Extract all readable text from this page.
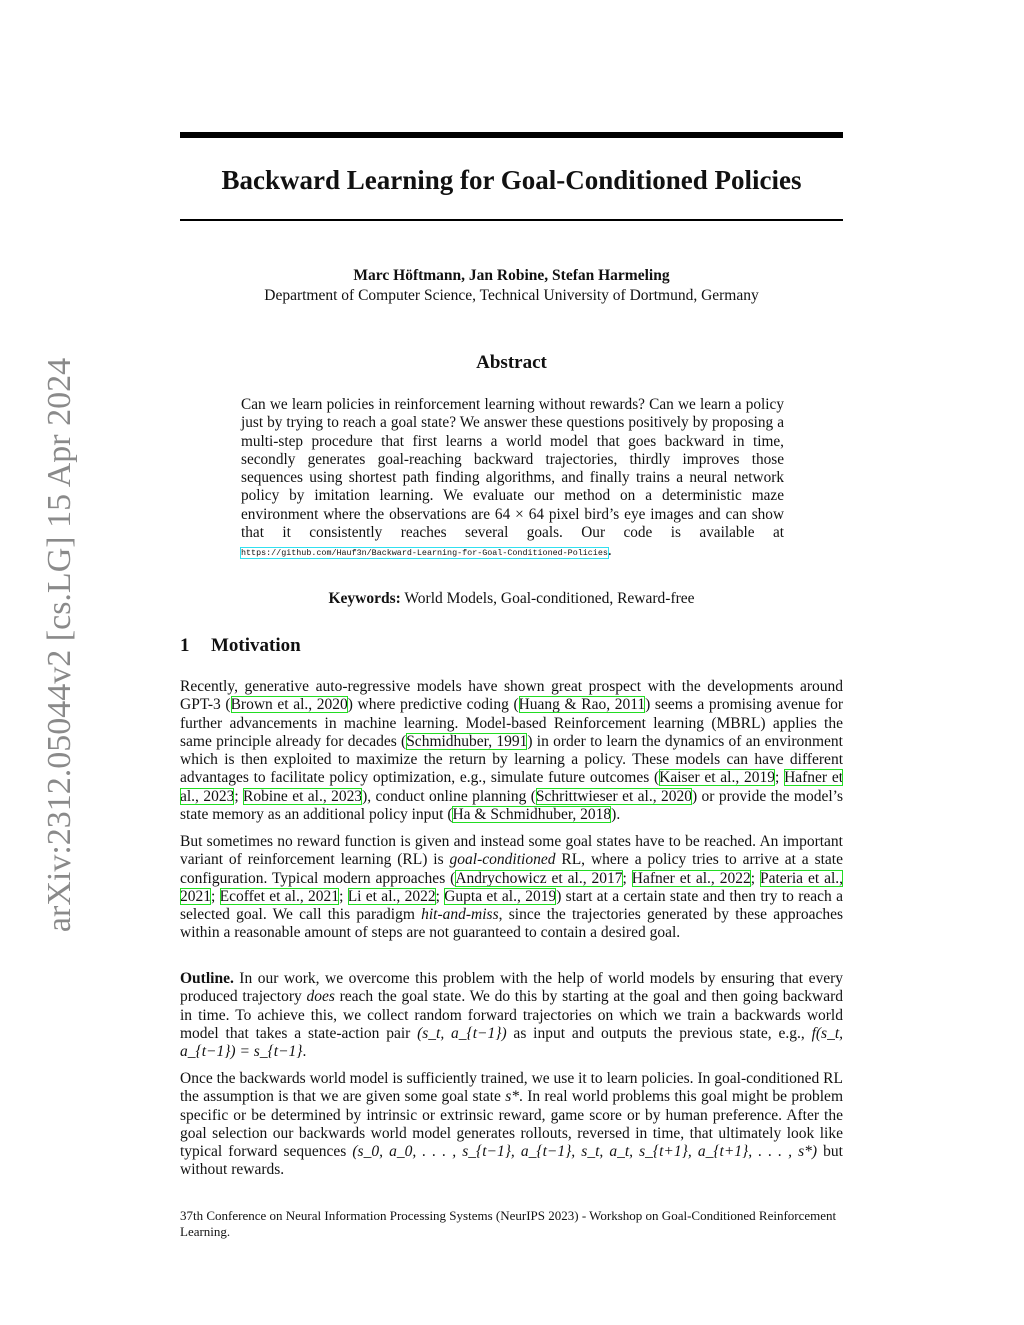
arXiv:2312.05044v2 [cs.LG] 15 Apr 2024
Backward Learning for Goal-Conditioned Policies
Marc Höftmann, Jan Robine, Stefan Harmeling
Department of Computer Science, Technical University of Dortmund, Germany
Abstract
Can we learn policies in reinforcement learning without rewards? Can we learn a policy just by trying to reach a goal state? We answer these questions positively by proposing a multi-step procedure that first learns a world model that goes backward in time, secondly generates goal-reaching backward trajectories, thirdly improves those sequences using shortest path finding algorithms, and finally trains a neural network policy by imitation learning. We evaluate our method on a deterministic maze environment where the observations are 64 × 64 pixel bird’s eye images and can show that it consistently reaches several goals. Our code is available at https://github.com/Hauf3n/Backward-Learning-for-Goal-Conditioned-Policies.
Keywords: World Models, Goal-conditioned, Reward-free
1 Motivation
Recently, generative auto-regressive models have shown great prospect with the developments around GPT-3 (Brown et al., 2020) where predictive coding (Huang & Rao, 2011) seems a promising avenue for further advancements in machine learning. Model-based Reinforcement learning (MBRL) applies the same principle already for decades (Schmidhuber, 1991) in order to learn the dynamics of an environment which is then exploited to maximize the return by learning a policy. These models can have different advantages to facilitate policy optimization, e.g., simulate future outcomes (Kaiser et al., 2019; Hafner et al., 2023; Robine et al., 2023), conduct online planning (Schrittwieser et al., 2020) or provide the model’s state memory as an additional policy input (Ha & Schmidhuber, 2018).
But sometimes no reward function is given and instead some goal states have to be reached. An important variant of reinforcement learning (RL) is goal-conditioned RL, where a policy tries to arrive at a state configuration. Typical modern approaches (Andrychowicz et al., 2017; Hafner et al., 2022; Pateria et al., 2021; Ecoffet et al., 2021; Li et al., 2022; Gupta et al., 2019) start at a certain state and then try to reach a selected goal. We call this paradigm hit-and-miss, since the trajectories generated by these approaches within a reasonable amount of steps are not guaranteed to contain a desired goal.
Outline. In our work, we overcome this problem with the help of world models by ensuring that every produced trajectory does reach the goal state. We do this by starting at the goal and then going backward in time. To achieve this, we collect random forward trajectories on which we train a backwards world model that takes a state-action pair (s_t, a_{t−1}) as input and outputs the previous state, e.g., f(s_t, a_{t−1}) = s_{t−1}.
Once the backwards world model is sufficiently trained, we use it to learn policies. In goal-conditioned RL the assumption is that we are given some goal state s*. In real world problems this goal might be problem specific or be determined by intrinsic or extrinsic reward, game score or by human preference. After the goal selection our backwards world model generates rollouts, reversed in time, that ultimately look like typical forward sequences (s_0, a_0, . . . , s_{t−1}, a_{t−1}, s_t, a_t, s_{t+1}, a_{t+1}, . . . , s*) but without rewards.
37th Conference on Neural Information Processing Systems (NeurIPS 2023) - Workshop on Goal-Conditioned Reinforcement Learning.
